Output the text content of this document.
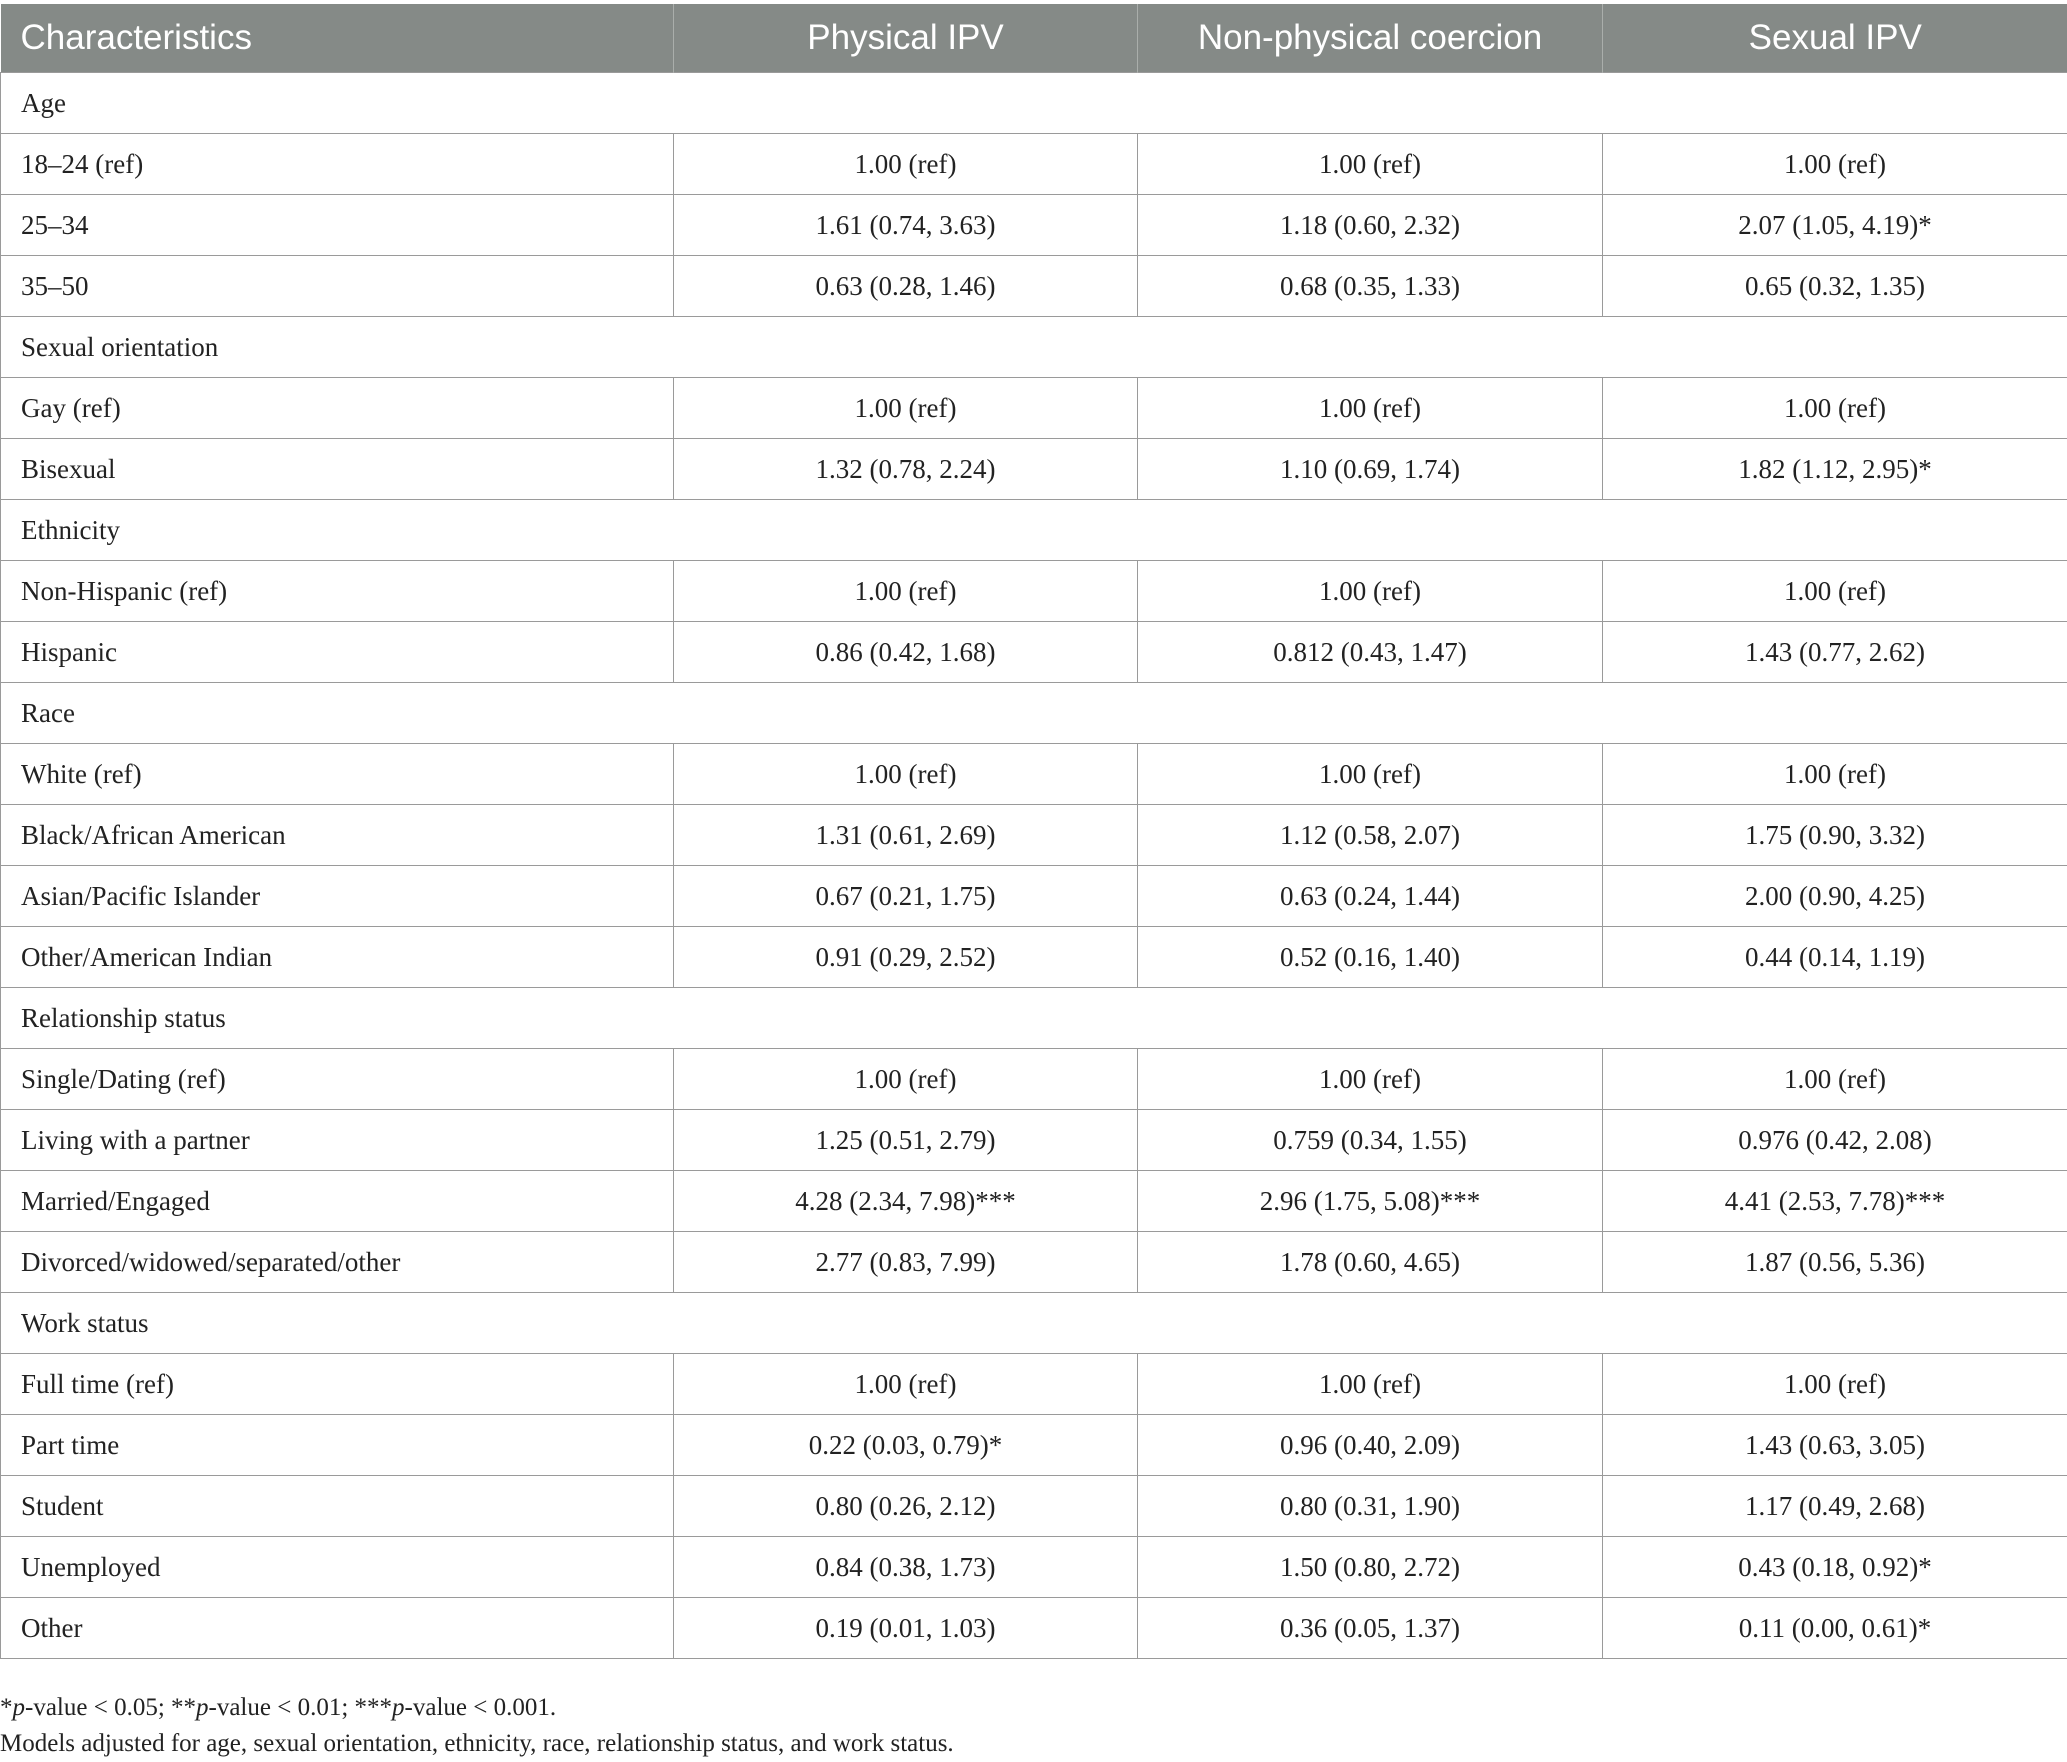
Characteristics	Physical IPV	Non-physical coercion	Sexual IPV
Age			
18–24 (ref)	1.00 (ref)	1.00 (ref)	1.00 (ref)
25–34	1.61 (0.74, 3.63)	1.18 (0.60, 2.32)	2.07 (1.05, 4.19)*
35–50	0.63 (0.28, 1.46)	0.68 (0.35, 1.33)	0.65 (0.32, 1.35)
Sexual orientation			
Gay (ref)	1.00 (ref)	1.00 (ref)	1.00 (ref)
Bisexual	1.32 (0.78, 2.24)	1.10 (0.69, 1.74)	1.82 (1.12, 2.95)*
Ethnicity			
Non-Hispanic (ref)	1.00 (ref)	1.00 (ref)	1.00 (ref)
Hispanic	0.86 (0.42, 1.68)	0.812 (0.43, 1.47)	1.43 (0.77, 2.62)
Race			
White (ref)	1.00 (ref)	1.00 (ref)	1.00 (ref)
Black/African American	1.31 (0.61, 2.69)	1.12 (0.58, 2.07)	1.75 (0.90, 3.32)
Asian/Pacific Islander	0.67 (0.21, 1.75)	0.63 (0.24, 1.44)	2.00 (0.90, 4.25)
Other/American Indian	0.91 (0.29, 2.52)	0.52 (0.16, 1.40)	0.44 (0.14, 1.19)
Relationship status			
Single/Dating (ref)	1.00 (ref)	1.00 (ref)	1.00 (ref)
Living with a partner	1.25 (0.51, 2.79)	0.759 (0.34, 1.55)	0.976 (0.42, 2.08)
Married/Engaged	4.28 (2.34, 7.98)***	2.96 (1.75, 5.08)***	4.41 (2.53, 7.78)***
Divorced/widowed/separated/other	2.77 (0.83, 7.99)	1.78 (0.60, 4.65)	1.87 (0.56, 5.36)
Work status			
Full time (ref)	1.00 (ref)	1.00 (ref)	1.00 (ref)
Part time	0.22 (0.03, 0.79)*	0.96 (0.40, 2.09)	1.43 (0.63, 3.05)
Student	0.80 (0.26, 2.12)	0.80 (0.31, 1.90)	1.17 (0.49, 2.68)
Unemployed	0.84 (0.38, 1.73)	1.50 (0.80, 2.72)	0.43 (0.18, 0.92)*
Other	0.19 (0.01, 1.03)	0.36 (0.05, 1.37)	0.11 (0.00, 0.61)*
*p-value < 0.05; **p-value < 0.01; ***p-value < 0.001.
Models adjusted for age, sexual orientation, ethnicity, race, relationship status, and work status.
